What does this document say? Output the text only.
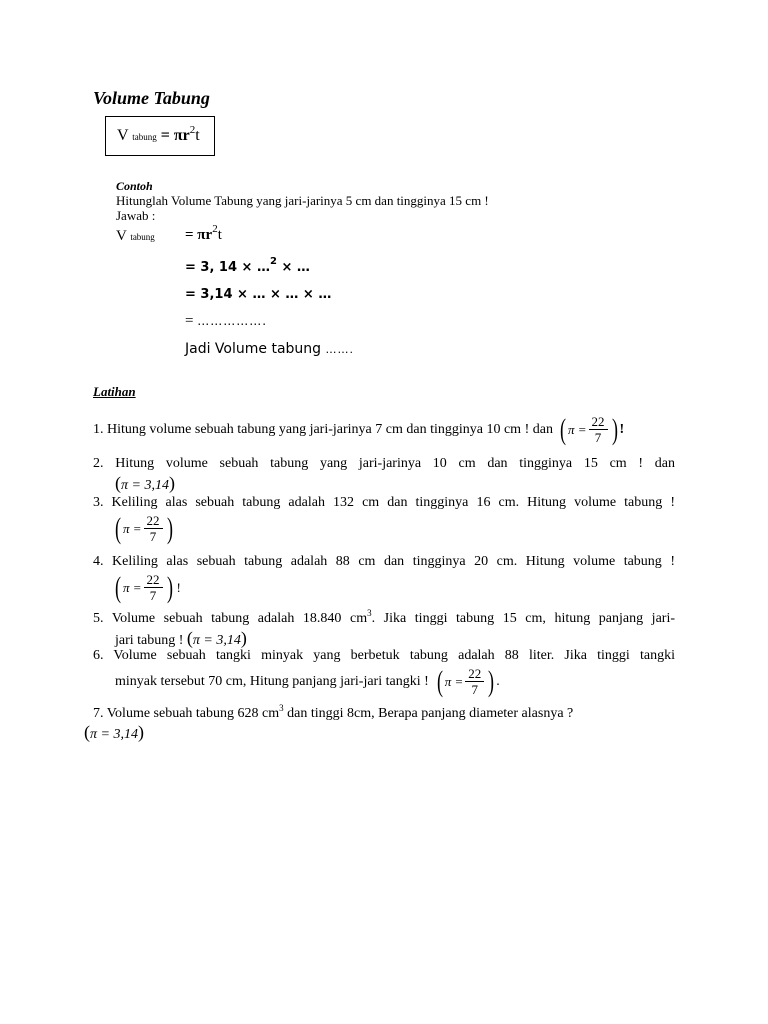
Volume Tabung
V tabung = $\pi r^2t$
Contoh
Hitunglah Volume Tabung yang jari-jarinya 5 cm dan tingginya 15 cm !
Jawab :
V tabung = $\pi r^2t$
= 3, 14 × …$^2$ × …
= 3,14 × … × … × …
= …………….
Jadi Volume tabung …….
Latihan
1. Hitung volume sebuah tabung yang jari-jarinya 7 cm dan tingginya 10 cm ! dan ( $\pi = \frac{22}{7}$ ) !
2. Hitung volume sebuah tabung yang jari-jarinya 10 cm dan tingginya 15 cm ! dan
(π = 3,14)
3. Keliling alas sebuah tabung adalah 132 cm dan tingginya 16 cm. Hitung volume tabung !
( $\pi = \frac{22}{7}$ )
4. Keliling alas sebuah tabung adalah 88 cm dan tingginya 20 cm. Hitung volume tabung !
( $\pi = \frac{22}{7}$ ) !
5. Volume sebuah tabung adalah 18.840 $cm^3$. Jika tinggi tabung 15 cm, hitung panjang jari-
jari tabung ! (π = 3,14)
6. Volume sebuah tangki minyak yang berbetuk tabung adalah 88 liter. Jika tinggi tangki
minyak tersebut 70 cm, Hitung panjang jari-jari tangki ! ( $\pi = \frac{22}{7}$ ) .
7. Volume sebuah tabung 628 $cm^3$ dan tinggi 8cm, Berapa panjang diameter alasnya ?
(π = 3,14)
